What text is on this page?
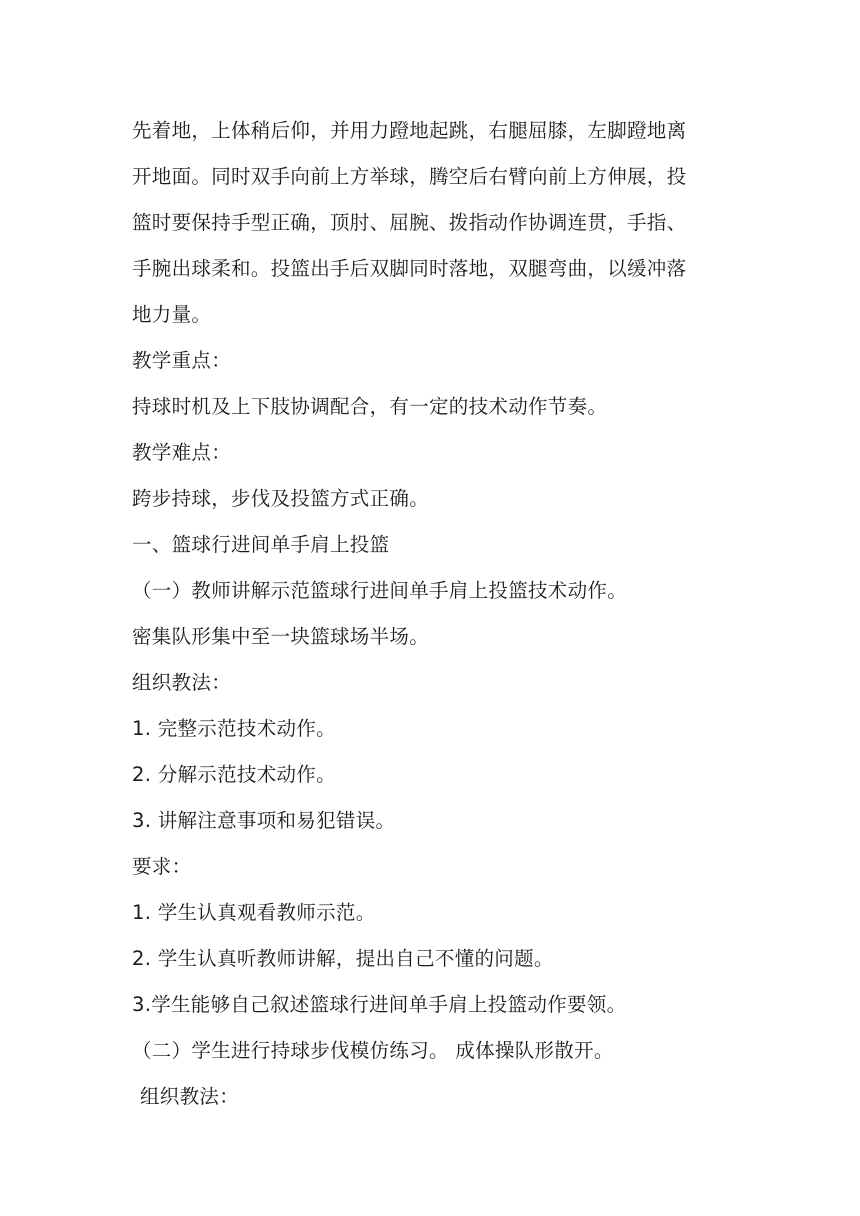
先着地，上体稍后仰，并用力蹬地起跳，右腿屈膝，左脚蹬地离
开地面。同时双手向前上方举球，腾空后右臂向前上方伸展，投
篮时要保持手型正确，顶肘、屈腕、拨指动作协调连贯，手指、
手腕出球柔和。投篮出手后双脚同时落地，双腿弯曲，以缓冲落
地力量。
教学重点：
持球时机及上下肢协调配合，有一定的技术动作节奏。
教学难点：
跨步持球，步伐及投篮方式正确。
一、篮球行进间单手肩上投篮
（一）教师讲解示范篮球行进间单手肩上投篮技术动作。
密集队形集中至一块篮球场半场。
组织教法：
1. 完整示范技术动作。
2. 分解示范技术动作。
3. 讲解注意事项和易犯错误。
要求：
1. 学生认真观看教师示范。
2. 学生认真听教师讲解，提出自己不懂的问题。
3.学生能够自己叙述篮球行进间单手肩上投篮动作要领。
（二）学生进行持球步伐模仿练习。 成体操队形散开。
组织教法：
